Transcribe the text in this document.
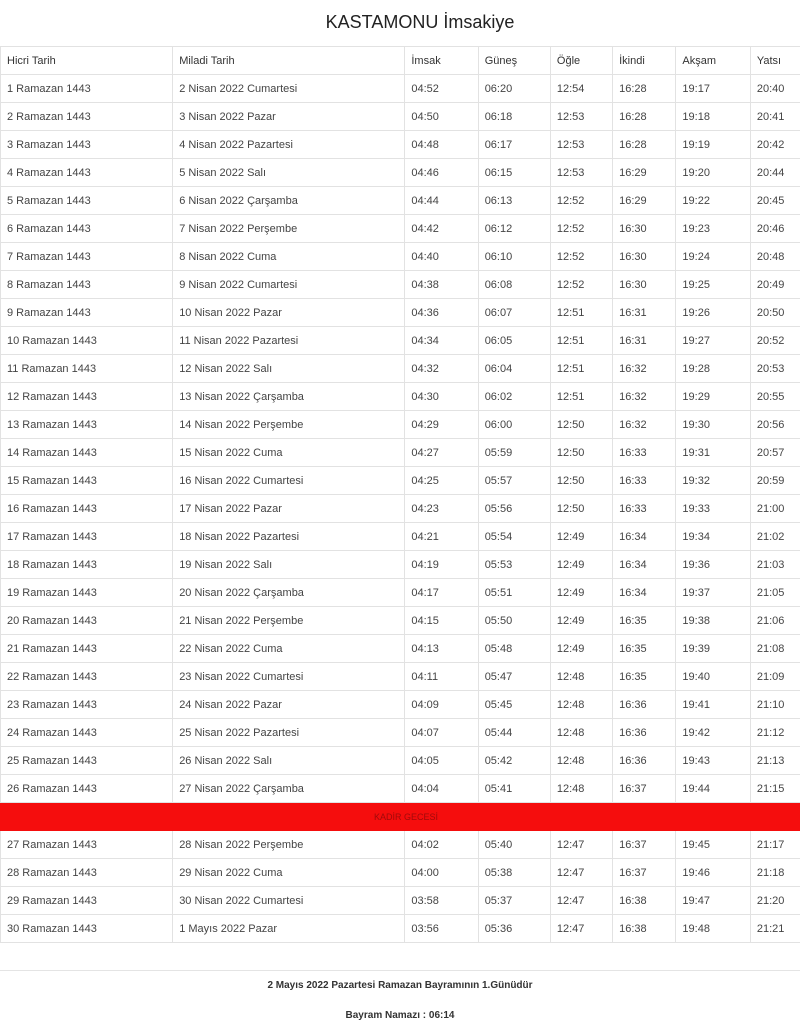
KASTAMONU İmsakiye
Hicri Tarih	Miladi Tarih	İmsak	Güneş	Öğle	İkindi	Akşam	Yatsı
1 Ramazan 1443	2 Nisan 2022 Cumartesi	04:52	06:20	12:54	16:28	19:17	20:40
2 Ramazan 1443	3 Nisan 2022 Pazar	04:50	06:18	12:53	16:28	19:18	20:41
3 Ramazan 1443	4 Nisan 2022 Pazartesi	04:48	06:17	12:53	16:28	19:19	20:42
4 Ramazan 1443	5 Nisan 2022 Salı	04:46	06:15	12:53	16:29	19:20	20:44
5 Ramazan 1443	6 Nisan 2022 Çarşamba	04:44	06:13	12:52	16:29	19:22	20:45
6 Ramazan 1443	7 Nisan 2022 Perşembe	04:42	06:12	12:52	16:30	19:23	20:46
7 Ramazan 1443	8 Nisan 2022 Cuma	04:40	06:10	12:52	16:30	19:24	20:48
8 Ramazan 1443	9 Nisan 2022 Cumartesi	04:38	06:08	12:52	16:30	19:25	20:49
9 Ramazan 1443	10 Nisan 2022 Pazar	04:36	06:07	12:51	16:31	19:26	20:50
10 Ramazan 1443	11 Nisan 2022 Pazartesi	04:34	06:05	12:51	16:31	19:27	20:52
11 Ramazan 1443	12 Nisan 2022 Salı	04:32	06:04	12:51	16:32	19:28	20:53
12 Ramazan 1443	13 Nisan 2022 Çarşamba	04:30	06:02	12:51	16:32	19:29	20:55
13 Ramazan 1443	14 Nisan 2022 Perşembe	04:29	06:00	12:50	16:32	19:30	20:56
14 Ramazan 1443	15 Nisan 2022 Cuma	04:27	05:59	12:50	16:33	19:31	20:57
15 Ramazan 1443	16 Nisan 2022 Cumartesi	04:25	05:57	12:50	16:33	19:32	20:59
16 Ramazan 1443	17 Nisan 2022 Pazar	04:23	05:56	12:50	16:33	19:33	21:00
17 Ramazan 1443	18 Nisan 2022 Pazartesi	04:21	05:54	12:49	16:34	19:34	21:02
18 Ramazan 1443	19 Nisan 2022 Salı	04:19	05:53	12:49	16:34	19:36	21:03
19 Ramazan 1443	20 Nisan 2022 Çarşamba	04:17	05:51	12:49	16:34	19:37	21:05
20 Ramazan 1443	21 Nisan 2022 Perşembe	04:15	05:50	12:49	16:35	19:38	21:06
21 Ramazan 1443	22 Nisan 2022 Cuma	04:13	05:48	12:49	16:35	19:39	21:08
22 Ramazan 1443	23 Nisan 2022 Cumartesi	04:11	05:47	12:48	16:35	19:40	21:09
23 Ramazan 1443	24 Nisan 2022 Pazar	04:09	05:45	12:48	16:36	19:41	21:10
24 Ramazan 1443	25 Nisan 2022 Pazartesi	04:07	05:44	12:48	16:36	19:42	21:12
25 Ramazan 1443	26 Nisan 2022 Salı	04:05	05:42	12:48	16:36	19:43	21:13
26 Ramazan 1443	27 Nisan 2022 Çarşamba	04:04	05:41	12:48	16:37	19:44	21:15
KADİR GECESİ							
27 Ramazan 1443	28 Nisan 2022 Perşembe	04:02	05:40	12:47	16:37	19:45	21:17
28 Ramazan 1443	29 Nisan 2022 Cuma	04:00	05:38	12:47	16:37	19:46	21:18
29 Ramazan 1443	30 Nisan 2022 Cumartesi	03:58	05:37	12:47	16:38	19:47	21:20
30 Ramazan 1443	1 Mayıs 2022 Pazar	03:56	05:36	12:47	16:38	19:48	21:21
2 Mayıs 2022 Pazartesi Ramazan Bayramının 1.Günüdür
Bayram Namazı : 06:14
